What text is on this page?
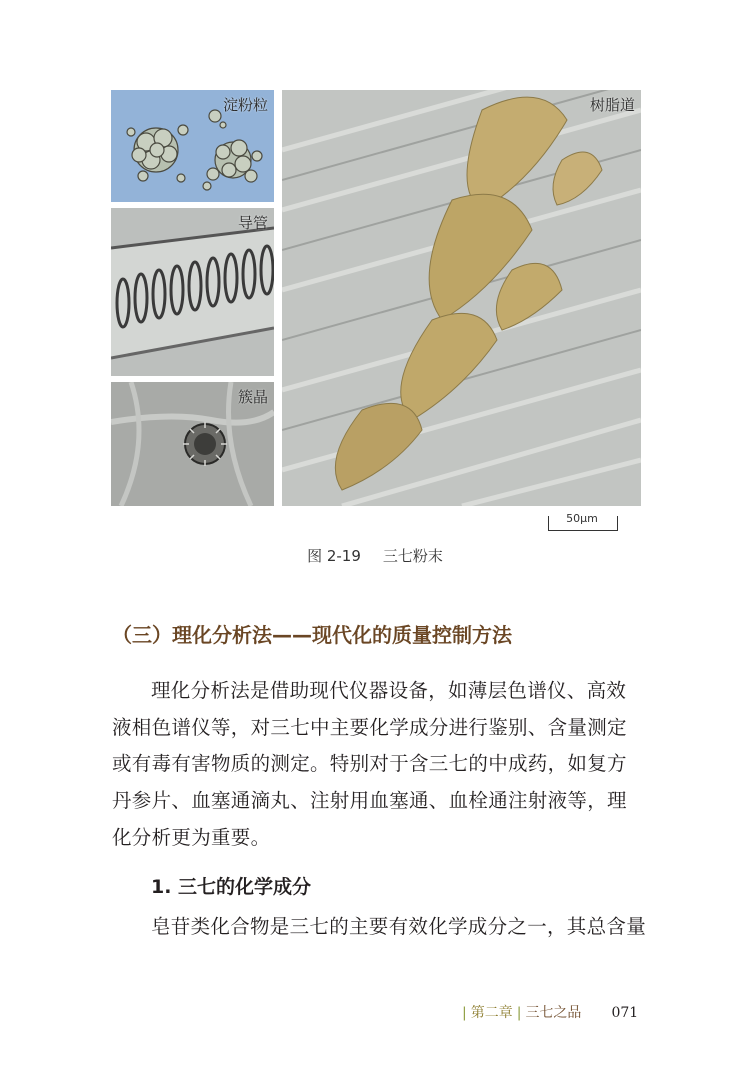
淀粉粒
导管
簇晶
树脂道
50μm
图 2-19 三七粉末
（三）理化分析法——现代化的质量控制方法
理化分析法是借助现代仪器设备，如薄层色谱仪、高效
液相色谱仪等，对三七中主要化学成分进行鉴别、含量测定
或有毒有害物质的测定。特别对于含三七的中成药，如复方
丹参片、血塞通滴丸、注射用血塞通、血栓通注射液等，理
化分析更为重要。
1. 三七的化学成分
皂苷类化合物是三七的主要有效化学成分之一，其总含量
| 第二章 | 三七之品 071
